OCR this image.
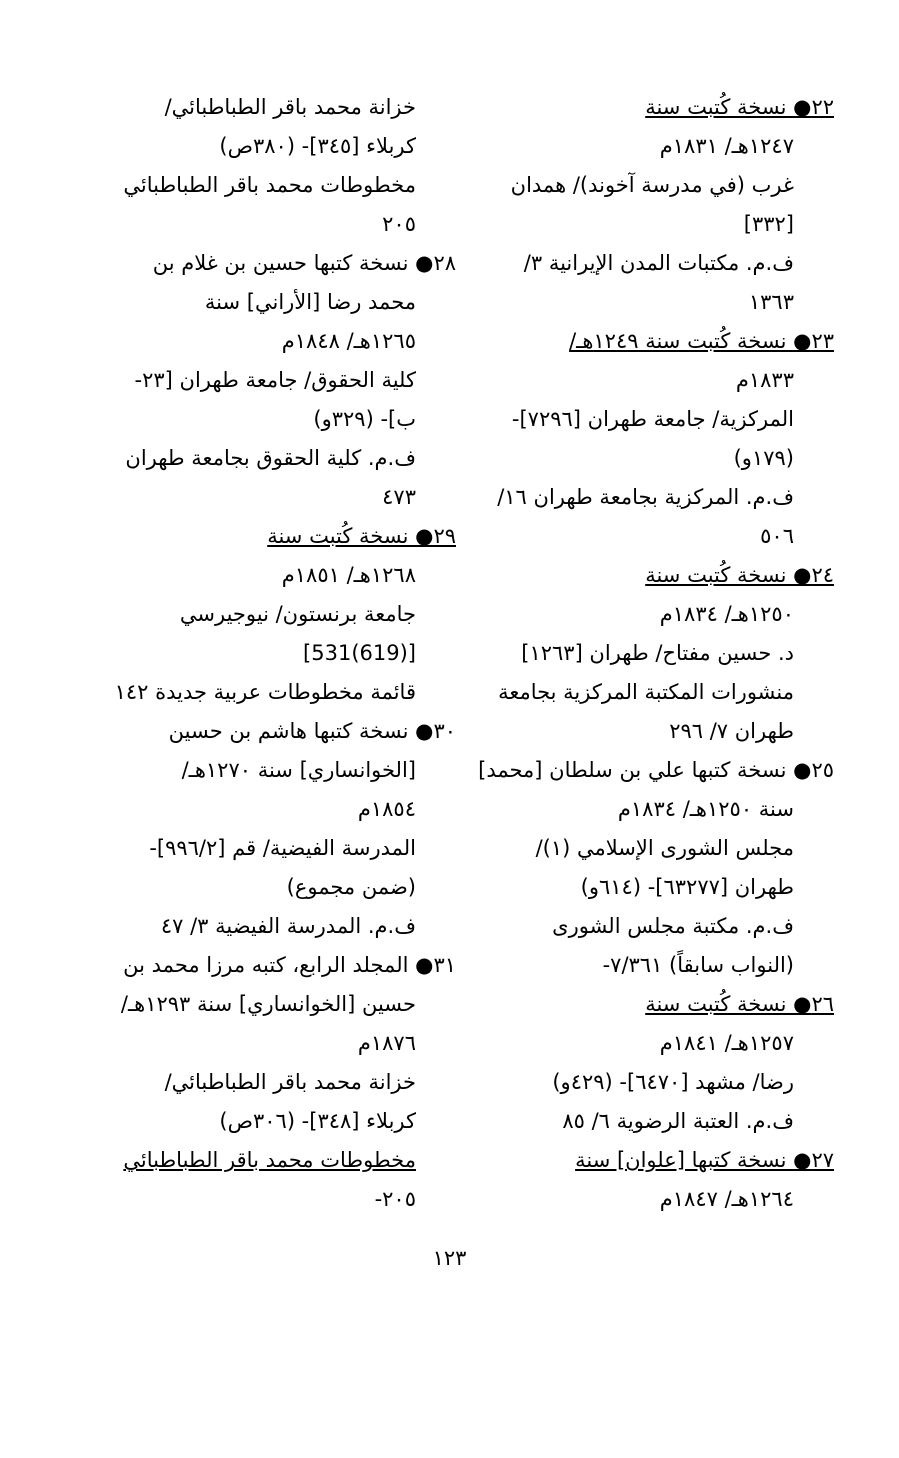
٢٢● نسخة كُتبت سنة
١٢٤٧هـ/ ١٨٣١م
غرب (في مدرسة آخوند)/ همدان
[٣٣٢]
ف.م. مكتبات المدن الإيرانية ٣/
١٣٦٣
٢٣● نسخة كُتبت سنة ١٢٤٩هـ/
١٨٣٣م
المركزية/ جامعة طهران [٧٢٩٦]-
(١٧٩و)
ف.م. المركزية بجامعة طهران ١٦/
٥٠٦
٢٤● نسخة كُتبت سنة
١٢٥٠هـ/ ١٨٣٤م
د. حسين مفتاح/ طهران [١٢٦٣]
منشورات المكتبة المركزية بجامعة
طهران ٧/ ٢٩٦
٢٥● نسخة كتبها علي بن سلطان [محمد]
سنة ١٢٥٠هـ/ ١٨٣٤م
مجلس الشورى الإسلامي (١)/
طهران [٦٣٢٧٧]- (٦١٤و)
ف.م. مكتبة مجلس الشورى
(النواب سابقاً) ٧/٣٦١-
٢٦● نسخة كُتبت سنة
١٢٥٧هـ/ ١٨٤١م
رضا/ مشهد [٦٤٧٠]- (٤٢٩و)
ف.م. العتبة الرضوية ٦/ ٨٥
٢٧● نسخة كتبها [علوان] سنة
١٢٦٤هـ/ ١٨٤٧م
خزانة محمد باقر الطباطبائي/
كربلاء [٣٤٥]- (٣٨٠ص)
مخطوطات محمد باقر الطباطبائي
٢٠٥
٢٨● نسخة كتبها حسين بن غلام بن
محمد رضا [الأراني] سنة
١٢٦٥هـ/ ١٨٤٨م
كلية الحقوق/ جامعة طهران [٢٣-
ب]- (٣٢٩و)
ف.م. كلية الحقوق بجامعة طهران
٤٧٣
٢٩● نسخة كُتبت سنة
١٢٦٨هـ/ ١٨٥١م
جامعة برنستون/ نيوجيرسي
[(619)531]
قائمة مخطوطات عربية جديدة ١٤٢
٣٠● نسخة كتبها هاشم بن حسين
[الخوانساري] سنة ١٢٧٠هـ/
١٨٥٤م
المدرسة الفيضية/ قم [٩٩٦/٢]-
(ضمن مجموع)
ف.م. المدرسة الفيضية ٣/ ٤٧
٣١● المجلد الرابع، كتبه مرزا محمد بن
حسين [الخوانساري] سنة ١٢٩٣هـ/
١٨٧٦م
خزانة محمد باقر الطباطبائي/
كربلاء [٣٤٨]- (٣٠٦ص)
مخطوطات محمد باقر الطباطبائي
٢٠٥-
١٢٣
